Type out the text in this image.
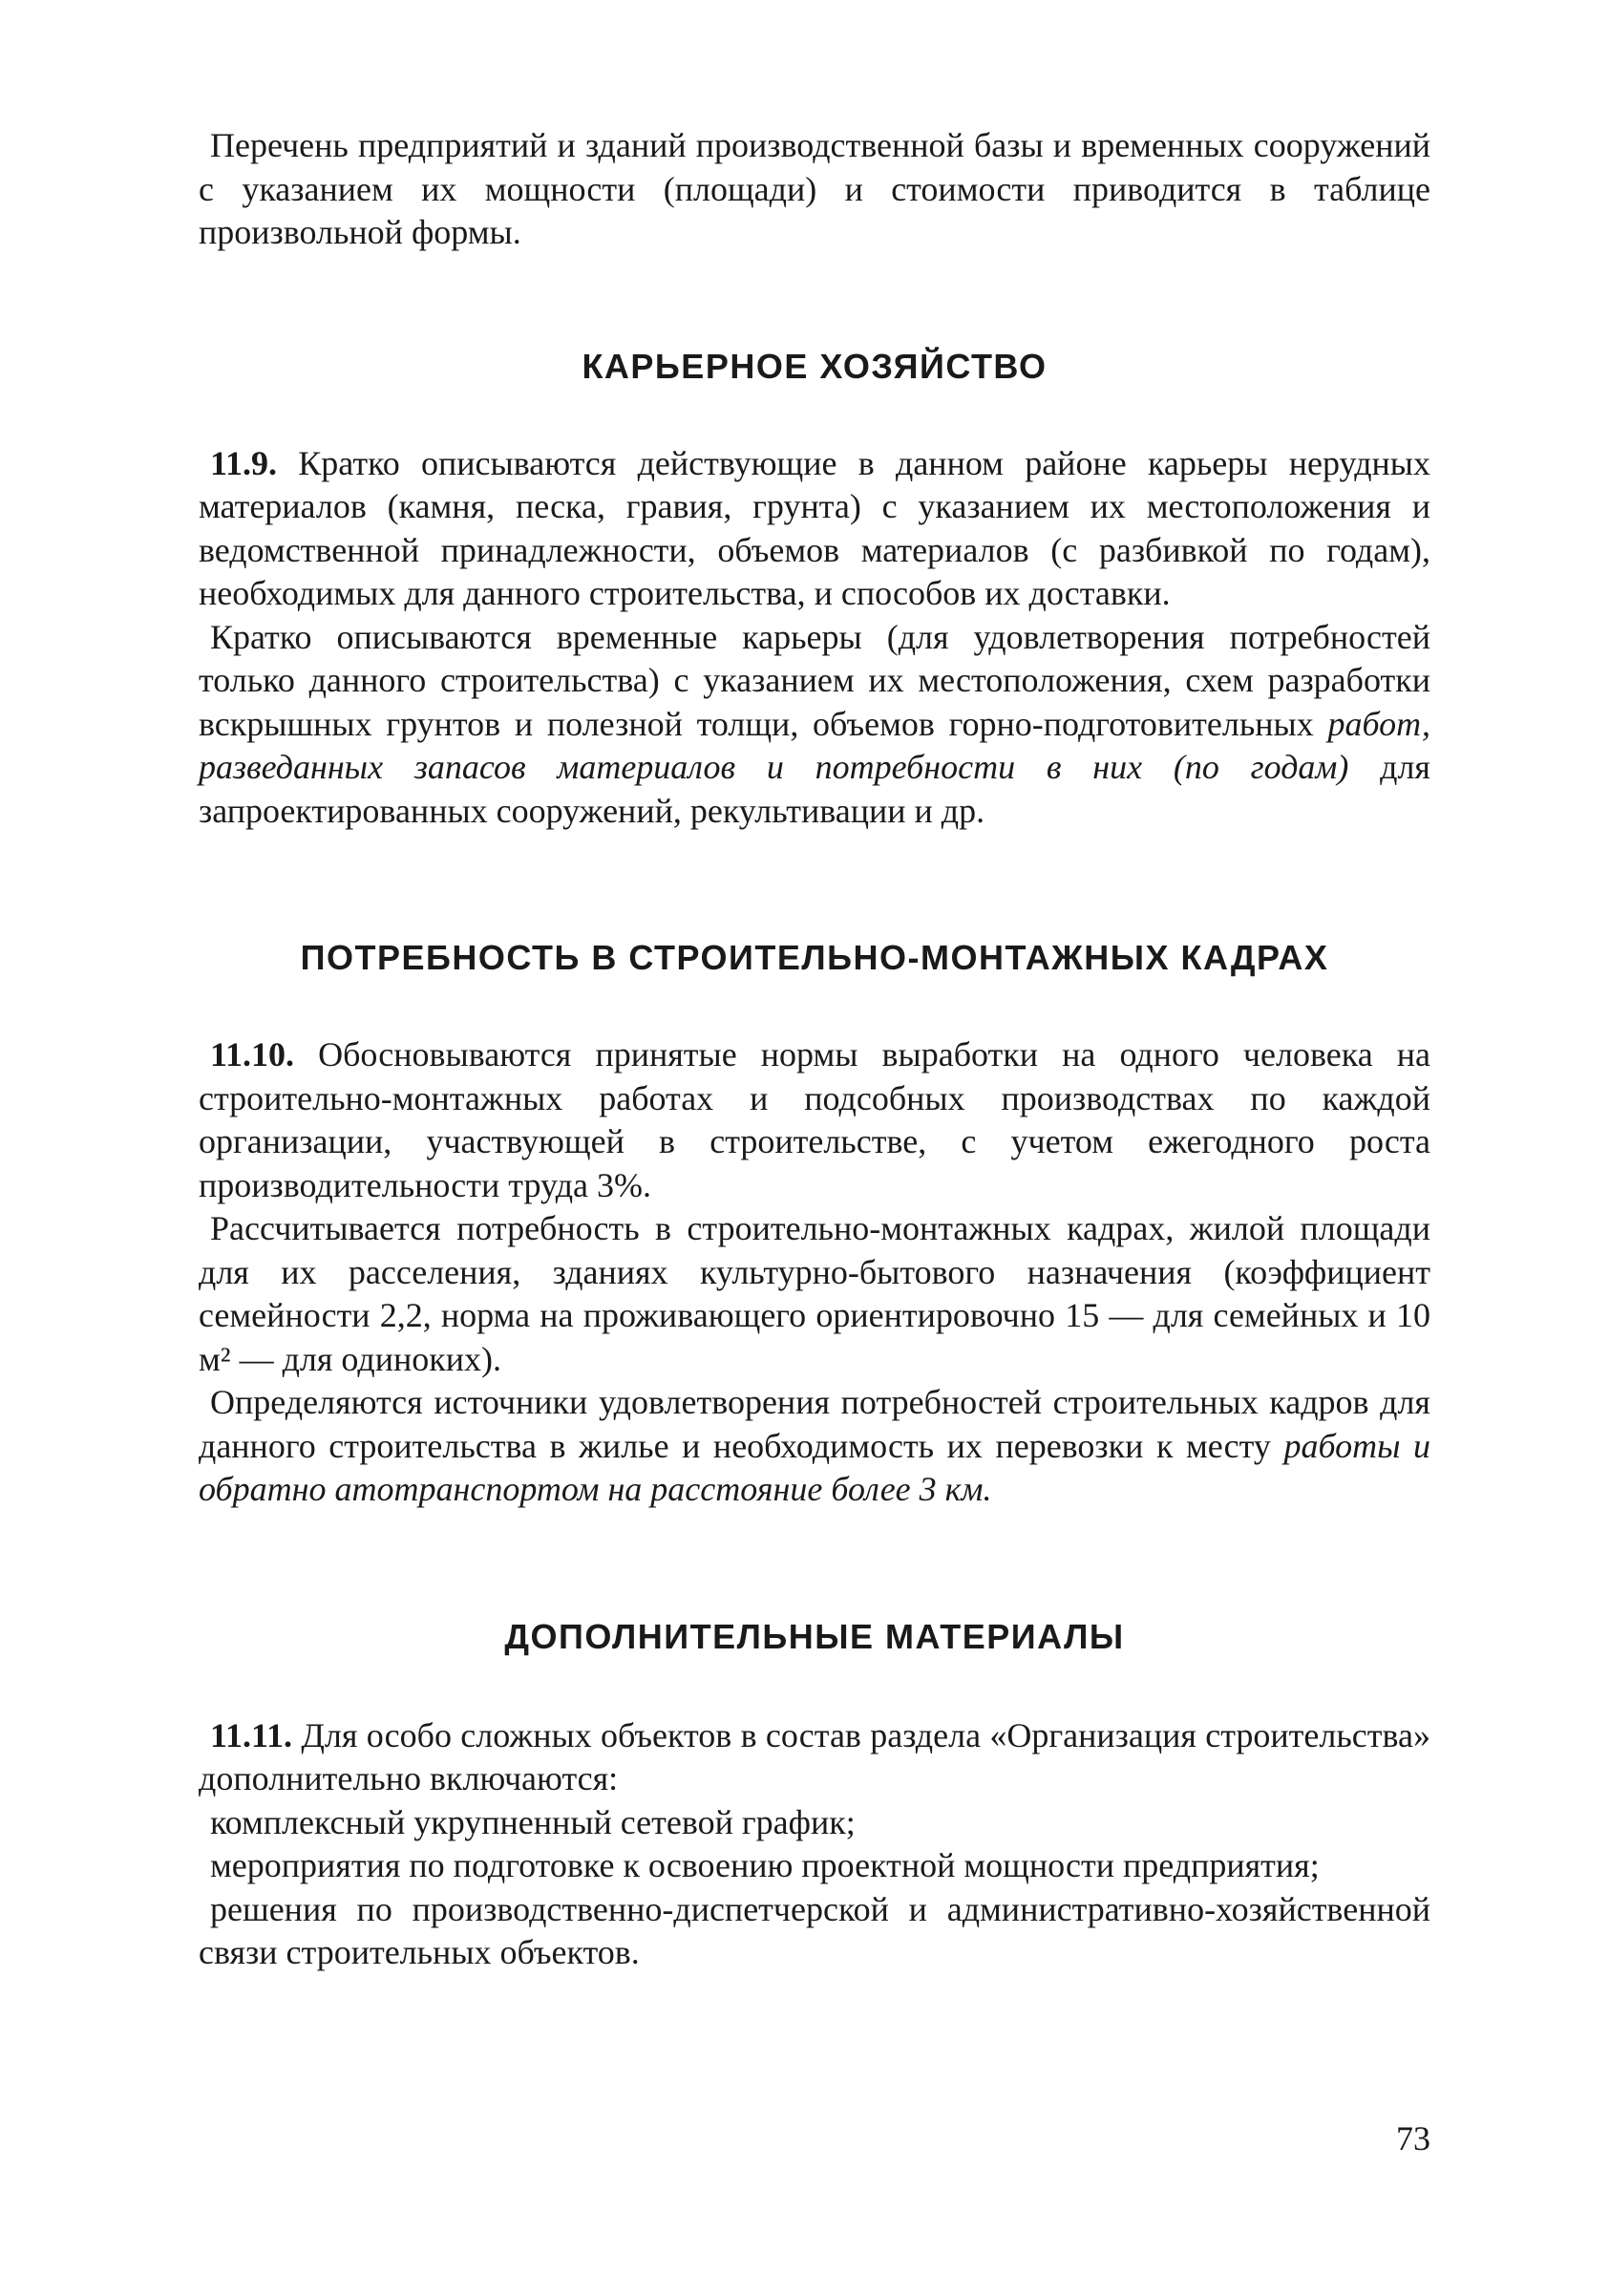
Перечень предприятий и зданий производственной базы и временных сооружений с указанием их мощности (площади) и стоимости приводится в таблице произвольной формы.

КАРЬЕРНОЕ ХОЗЯЙСТВО

11.9. Кратко описываются действующие в данном районе карьеры нерудных материалов (камня, песка, гравия, грунта) с указанием их местоположения и ведомственной принадлежности, объемов материалов (с разбивкой по годам), необходимых для данного строительства, и способов их доставки.

Кратко описываются временные карьеры (для удовлетворения потребностей только данного строительства) с указанием их местоположения, схем разработки вскрышных грунтов и полезной толщи, объемов горно-подготовительных работ, разведанных запасов материалов и потребности в них (по годам) для запроектированных сооружений, рекультивации и др.

ПОТРЕБНОСТЬ В СТРОИТЕЛЬНО-МОНТАЖНЫХ КАДРАХ

11.10. Обосновываются принятые нормы выработки на одного человека на строительно-монтажных работах и подсобных производствах по каждой организации, участвующей в строительстве, с учетом ежегодного роста производительности труда 3%.

Рассчитывается потребность в строительно-монтажных кадрах, жилой площади для их расселения, зданиях культурно-бытового назначения (коэффициент семейности 2,2, норма на проживающего ориентировочно 15 — для семейных и 10 м² — для одиноких).

Определяются источники удовлетворения потребностей строительных кадров для данного строительства в жилье и необходимость их перевозки к месту работы и обратно атотранспортом на расстояние более 3 км.

ДОПОЛНИТЕЛЬНЫЕ МАТЕРИАЛЫ

11.11. Для особо сложных объектов в состав раздела «Организация строительства» дополнительно включаются:

комплексный укрупненный сетевой график;

мероприятия по подготовке к освоению проектной мощности предприятия;

решения по производственно-диспетчерской и административно-хозяйственной связи строительных объектов.

73
